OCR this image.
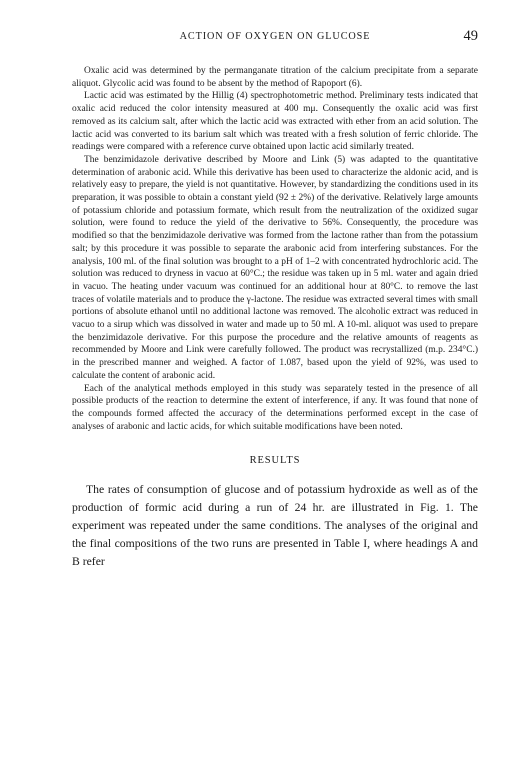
ACTION OF OXYGEN ON GLUCOSE	49

Oxalic acid was determined by the permanganate titration of the calcium precipitate from a separate aliquot. Glycolic acid was found to be absent by the method of Rapoport (6).

Lactic acid was estimated by the Hillig (4) spectrophotometric method. Preliminary tests indicated that oxalic acid reduced the color intensity measured at 400 mμ. Consequently the oxalic acid was first removed as its calcium salt, after which the lactic acid was extracted with ether from an acid solution. The lactic acid was converted to its barium salt which was treated with a fresh solution of ferric chloride. The readings were compared with a reference curve obtained upon lactic acid similarly treated.

The benzimidazole derivative described by Moore and Link (5) was adapted to the quantitative determination of arabonic acid. While this derivative has been used to characterize the aldonic acid, and is relatively easy to prepare, the yield is not quantitative. However, by standardizing the conditions used in its preparation, it was possible to obtain a constant yield (92 ± 2%) of the derivative. Relatively large amounts of potassium chloride and potassium formate, which result from the neutralization of the oxidized sugar solution, were found to reduce the yield of the derivative to 56%. Consequently, the procedure was modified so that the benzimidazole derivative was formed from the lactone rather than from the potassium salt; by this procedure it was possible to separate the arabonic acid from interfering substances. For the analysis, 100 ml. of the final solution was brought to a pH of 1–2 with concentrated hydrochloric acid. The solution was reduced to dryness in vacuo at 60°C.; the residue was taken up in 5 ml. water and again dried in vacuo. The heating under vacuum was continued for an additional hour at 80°C. to remove the last traces of volatile materials and to produce the γ-lactone. The residue was extracted several times with small portions of absolute ethanol until no additional lactone was removed. The alcoholic extract was reduced in vacuo to a sirup which was dissolved in water and made up to 50 ml. A 10-ml. aliquot was used to prepare the benzimidazole derivative. For this purpose the procedure and the relative amounts of reagents as recommended by Moore and Link were carefully followed. The product was recrystallized (m.p. 234°C.) in the prescribed manner and weighed. A factor of 1.087, based upon the yield of 92%, was used to calculate the content of arabonic acid.

Each of the analytical methods employed in this study was separately tested in the presence of all possible products of the reaction to determine the extent of interference, if any. It was found that none of the compounds formed affected the accuracy of the determinations performed except in the case of analyses of arabonic and lactic acids, for which suitable modifications have been noted.

RESULTS

The rates of consumption of glucose and of potassium hydroxide as well as of the production of formic acid during a run of 24 hr. are illustrated in Fig. 1. The experiment was repeated under the same conditions. The analyses of the original and the final compositions of the two runs are presented in Table I, where headings A and B refer
